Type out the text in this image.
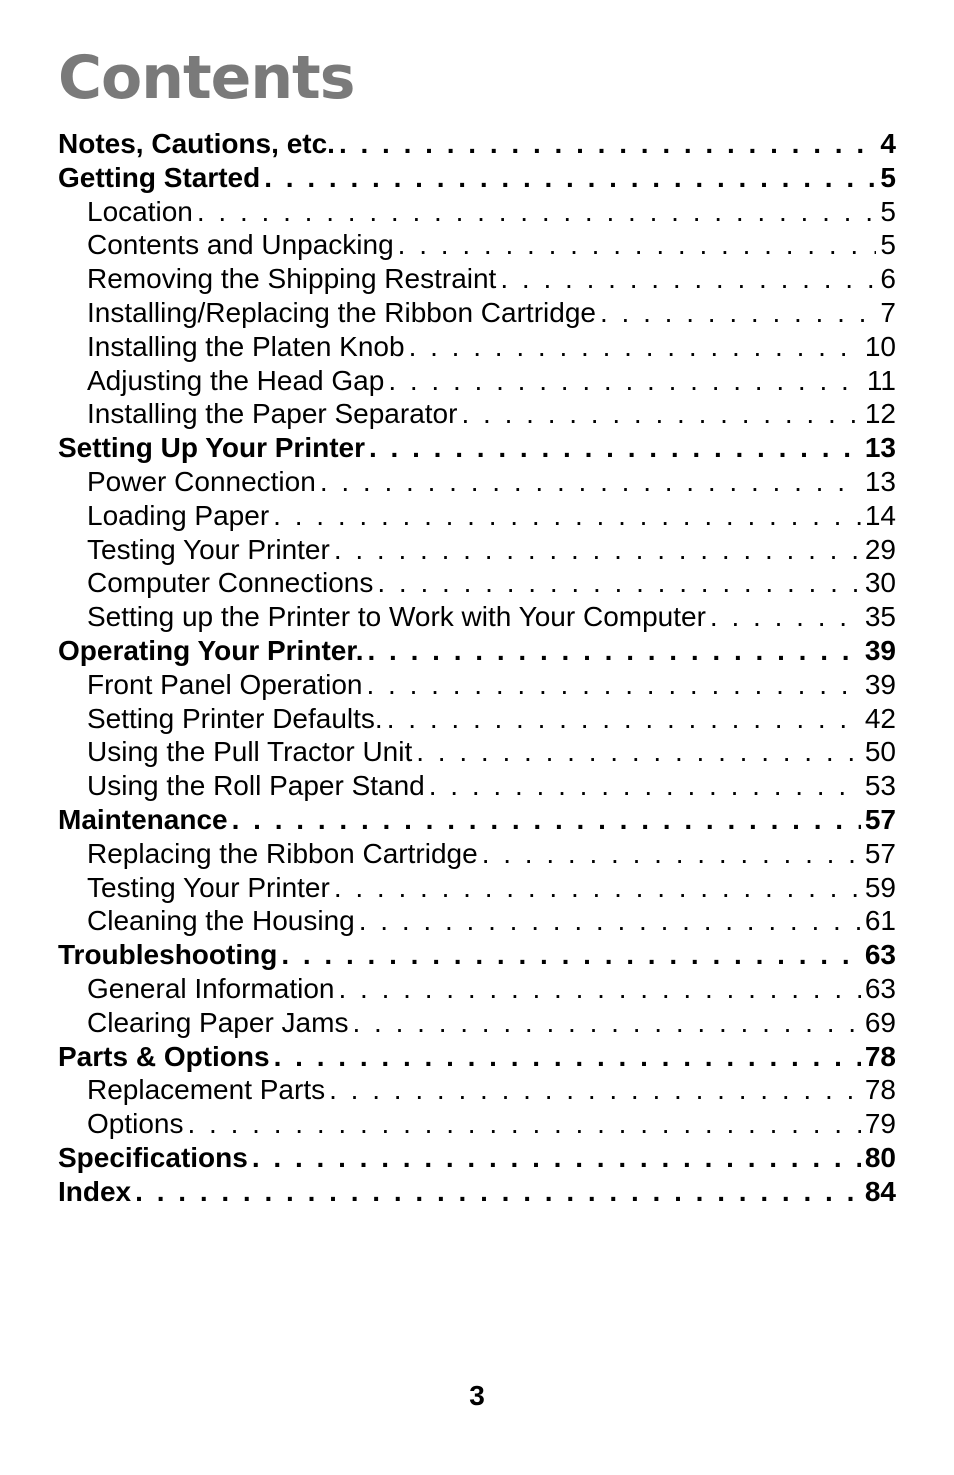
Contents
Notes, Cautions, etc. . . .	4
Getting Started . . .	5
Location . . .	5
Contents and Unpacking . . .	5
Removing the Shipping Restraint . . .	6
Installing/Replacing the Ribbon Cartridge . . .	7
Installing the Platen Knob . . .	10
Adjusting the Head Gap . . .	11
Installing the Paper Separator . . .	12
Setting Up Your Printer . . .	13
Power Connection . . .	13
Loading Paper . . .	14
Testing Your Printer . . .	29
Computer Connections . . .	30
Setting up the Printer to Work with Your Computer . . .	35
Operating Your Printer. . . .	39
Front Panel Operation . . .	39
Setting Printer Defaults. . . .	42
Using the Pull Tractor Unit . . .	50
Using the Roll Paper Stand . . .	53
Maintenance . . .	57
Replacing the Ribbon Cartridge . . .	57
Testing Your Printer . . .	59
Cleaning the Housing . . .	61
Troubleshooting . . .	63
General Information . . .	63
Clearing Paper Jams . . .	69
Parts & Options . . .	78
Replacement Parts . . .	78
Options . . .	79
Specifications . . .	80
Index . . .	84
3
